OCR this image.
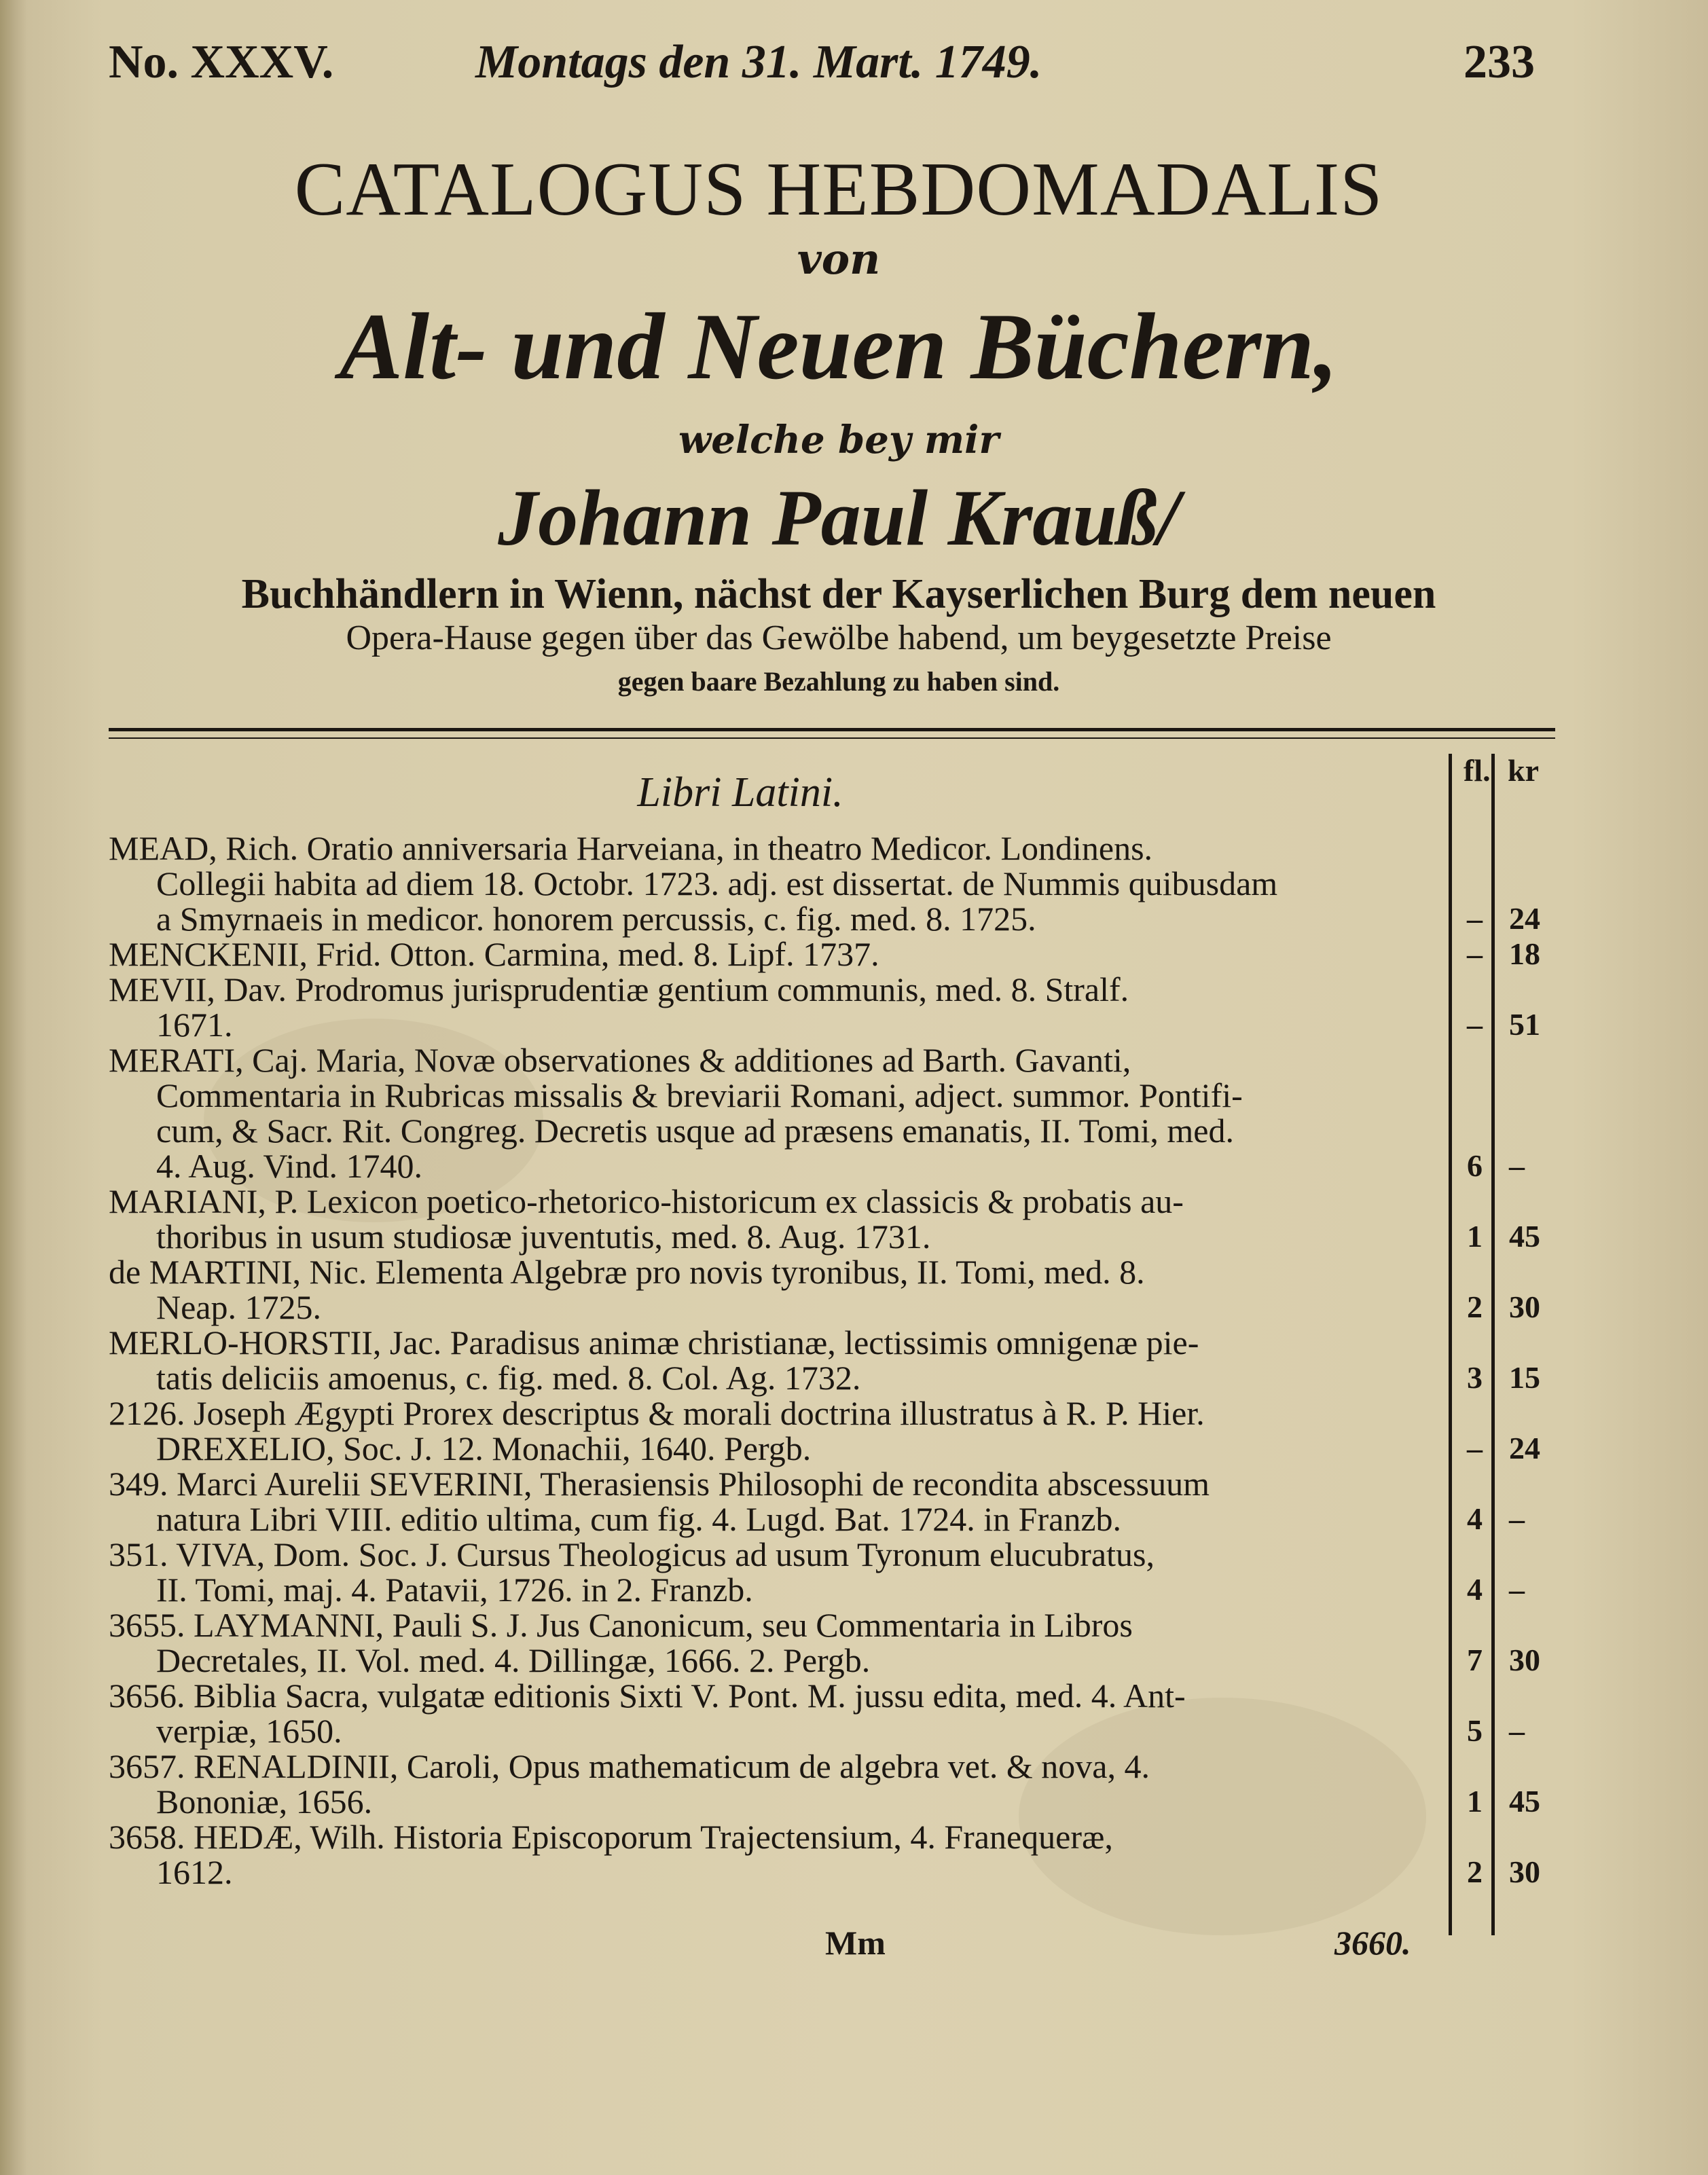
No. XXXV.	Montags den 31. Mart. 1749.	233
CATALOGUS HEBDOMADALIS
von
Alt- und Neuen Büchern,
welche bey mir
Johann Paul Krauß/
Buchhändlern in Wienn, nächst der Kayserlichen Burg dem neuen
Opera-Hause gegen über das Gewölbe habend, um beygesetzte Preise
gegen baare Bezahlung zu haben sind.
fl. kr
Libri Latini.
Mm	3660.
MEAD, Rich. Oratio anniversaria Harveiana, in theatro Medicor. Londinens.
Collegii habita ad diem 18. Octobr. 1723. adj. est dissertat. de Nummis quibusdam
a Smyrnaeis in medicor. honorem percussis, c. fig. med. 8. 1725.	– 24
MENCKENII, Frid. Otton. Carmina, med. 8. Lipf. 1737.	– 18
MEVII, Dav. Prodromus jurisprudentiæ gentium communis, med. 8. Stralf.
1671.	– 51
MERATI, Caj. Maria, Novæ observationes & additiones ad Barth. Gavanti,
Commentaria in Rubricas missalis & breviarii Romani, adject. summor. Pontifi-
cum, & Sacr. Rit. Congreg. Decretis usque ad præsens emanatis, II. Tomi, med.
4. Aug. Vind. 1740.	6 –
MARIANI, P. Lexicon poetico-rhetorico-historicum ex classicis & probatis au-
thoribus in usum studiosæ juventutis, med. 8. Aug. 1731.	1 45
de MARTINI, Nic. Elementa Algebræ pro novis tyronibus, II. Tomi, med. 8.
Neap. 1725.	2 30
MERLO-HORSTII, Jac. Paradisus animæ christianæ, lectissimis omnigenæ pie-
tatis deliciis amoenus, c. fig. med. 8. Col. Ag. 1732.	3 15
2126. Joseph Ægypti Prorex descriptus & morali doctrina illustratus à R. P. Hier.
DREXELIO, Soc. J. 12. Monachii, 1640. Pergb.	– 24
349. Marci Aurelii SEVERINI, Therasiensis Philosophi de recondita abscessuum
natura Libri VIII. editio ultima, cum fig. 4. Lugd. Bat. 1724. in Franzb.	4 –
351. VIVA, Dom. Soc. J. Cursus Theologicus ad usum Tyronum elucubratus,
II. Tomi, maj. 4. Patavii, 1726. in 2. Franzb.	4 –
3655. LAYMANNI, Pauli S. J. Jus Canonicum, seu Commentaria in Libros
Decretales, II. Vol. med. 4. Dillingæ, 1666. 2. Pergb.	7 30
3656. Biblia Sacra, vulgatæ editionis Sixti V. Pont. M. jussu edita, med. 4. Ant-
verpiæ, 1650.	5 –
3657. RENALDINII, Caroli, Opus mathematicum de algebra vet. & nova, 4.
Bononiæ, 1656.	1 45
3658. HEDÆ, Wilh. Historia Episcoporum Trajectensium, 4. Franequeræ,
1612.	2 30
